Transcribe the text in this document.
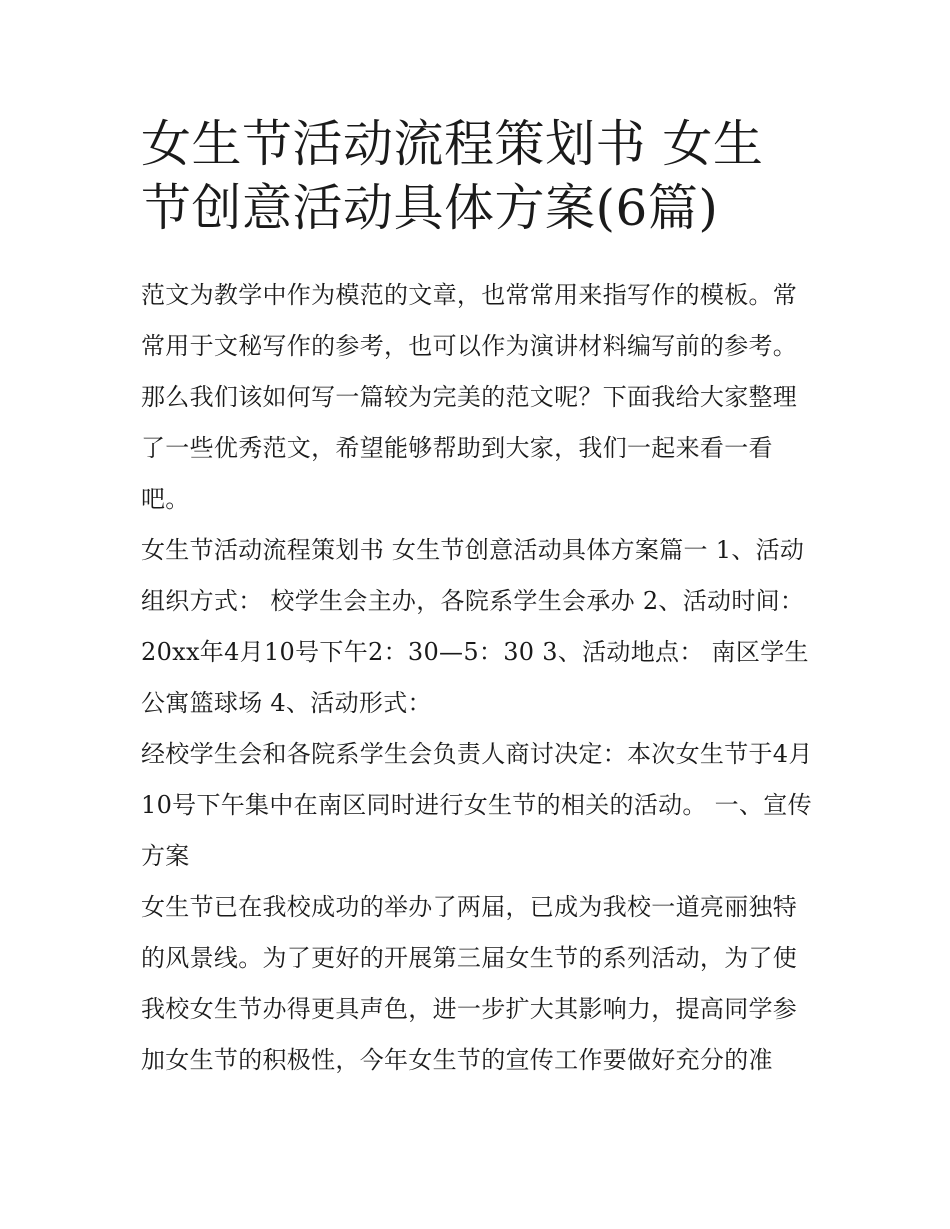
女生节活动流程策划书 女生节创意活动具体方案(6篇)

范文为教学中作为模范的文章，也常常用来指写作的模板。常常用于文秘写作的参考，也可以作为演讲材料编写前的参考。那么我们该如何写一篇较为完美的范文呢？下面我给大家整理了一些优秀范文，希望能够帮助到大家，我们一起来看一看吧。

女生节活动流程策划书 女生节创意活动具体方案篇一 1、活动组织方式： 校学生会主办，各院系学生会承办 2、活动时间：20xx年4月10号下午2：30—5：30 3、活动地点： 南区学生公寓篮球场 4、活动形式：

经校学生会和各院系学生会负责人商讨决定：本次女生节于4月10号下午集中在南区同时进行女生节的相关的活动。 一、宣传方案

女生节已在我校成功的举办了两届，已成为我校一道亮丽独特的风景线。为了更好的开展第三届女生节的系列活动，为了使我校女生节办得更具声色，进一步扩大其影响力，提高同学参加女生节的积极性，今年女生节的宣传工作要做好充分的准
